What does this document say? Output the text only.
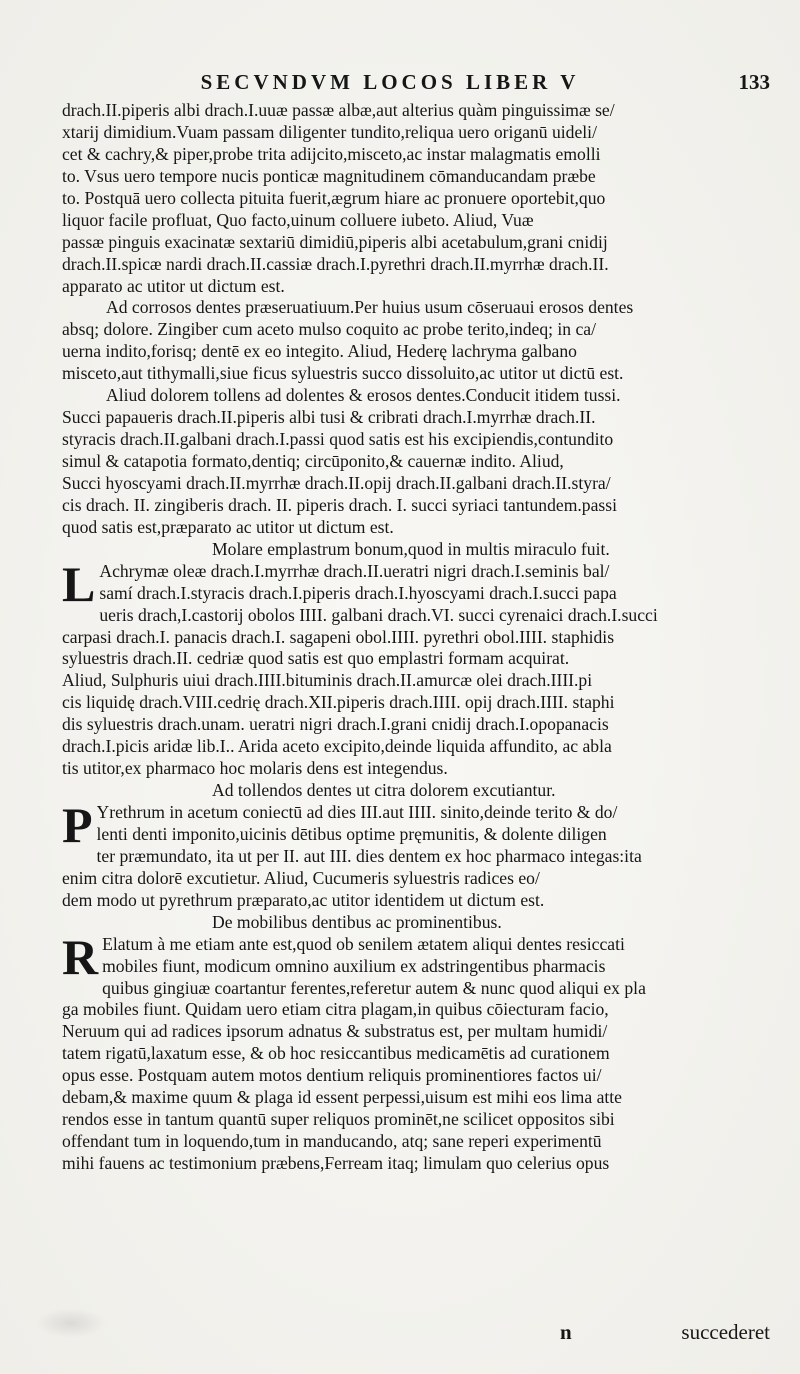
SECVNDVM LOCOS LIBER V	133
drach.II.piperis albi drach.I.uuæ passæ albæ,aut alterius quàm pinguissimæ se/
xtarij dimidium.Vuam passam diligenter tundito,reliqua uero origanū uideli/
cet & cachry,& piper,probe trita adijcito,misceto,ac instar malagmatis emolli
to. Vsus uero tempore nucis ponticæ magnitudinem cōmanducandam præbe
to. Postquā uero collecta pituita fuerit,ægrum hiare ac pronuere oportebit,quo
liquor facile profluat, Quo facto,uinum colluere iubeto. Aliud, Vuæ
passæ pinguis exacinatæ sextariū dimidiū,piperis albi acetabulum,grani cnidij
drach.II.spicæ nardi drach.II.cassiæ drach.I.pyrethri drach.II.myrrhæ drach.II.
apparato ac utitor ut dictum est.
Ad corrosos dentes præseruatiuum.Per huius usum cōseruaui erosos dentes
absq; dolore. Zingiber cum aceto mulso coquito ac probe terito,indeq; in ca/
uerna indito,forisq; dentē ex eo integito. Aliud, Hederę lachryma galbano
misceto,aut tithymalli,siue ficus syluestris succo dissoluito,ac utitor ut dictū est.
Aliud dolorem tollens ad dolentes & erosos dentes.Conducit itidem tussi.
Succi papaueris drach.II.piperis albi tusi & cribrati drach.I.myrrhæ drach.II.
styracis drach.II.galbani drach.I.passi quod satis est his excipiendis,contundito
simul & catapotia formato,dentiq; circūponito,& cauernæ indito. Aliud,
Succi hyoscyami drach.II.myrrhæ drach.II.opij drach.II.galbani drach.II.styra/
cis drach. II. zingiberis drach. II. piperis drach. I. succi syriaci tantundem.passi
quod satis est,præparato ac utitor ut dictum est.
Molare emplastrum bonum,quod in multis miraculo fuit.
L Achrymæ oleæ drach.I.myrrhæ drach.II.ueratri nigri drach.I.seminis bal/
samí drach.I.styracis drach.I.piperis drach.I.hyoscyami drach.I.succi papa
ueris drach,I.castorij obolos IIII. galbani drach.VI. succi cyrenaici drach.I.succi
carpasi drach.I. panacis drach.I. sagapeni obol.IIII. pyrethri obol.IIII. staphidis
syluestris drach.II. cedriæ quod satis est quo emplastri formam acquirat.
Aliud, Sulphuris uiui drach.IIII.bituminis drach.II.amurcæ olei drach.IIII.pi
cis liquidę drach.VIII.cedrię drach.XII.piperis drach.IIII. opij drach.IIII. staphi
dis syluestris drach.unam. ueratri nigri drach.I.grani cnidij drach.I.opopanacis
drach.I.picis aridæ lib.I.. Arida aceto excipito,deinde liquida affundito, ac abla
tis utitor,ex pharmaco hoc molaris dens est integendus.
Ad tollendos dentes ut citra dolorem excutiantur.
P Yrethrum in acetum coniectū ad dies III.aut IIII. sinito,deinde terito & do/
lenti denti imponito,uicinis dētibus optime pręmunitis, & dolente diligen
ter præmundato, ita ut per II. aut III. dies dentem ex hoc pharmaco integas:ita
enim citra dolorē excutietur. Aliud, Cucumeris syluestris radices eo/
dem modo ut pyrethrum præparato,ac utitor identidem ut dictum est.
De mobilibus dentibus ac prominentibus.
R Elatum à me etiam ante est,quod ob senilem ætatem aliqui dentes resiccati
mobiles fiunt, modicum omnino auxilium ex adstringentibus pharmacis
quibus gingiuæ coartantur ferentes,referetur autem & nunc quod aliqui ex pla
ga mobiles fiunt. Quidam uero etiam citra plagam,in quibus cōiecturam facio,
Neruum qui ad radices ipsorum adnatus & substratus est, per multam humidi/
tatem rigatū,laxatum esse, & ob hoc resiccantibus medicamētis ad curationem
opus esse. Postquam autem motos dentium reliquis prominentiores factos ui/
debam,& maxime quum & plaga id essent perpessi,uisum est mihi eos lima atte
rendos esse in tantum quantū super reliquos prominēt,ne scilicet oppositos sibi
offendant tum in loquendo,tum in manducando, atq; sane reperi experimentū
mihi fauens ac testimonium præbens,Ferream itaq; limulam quo celerius opus
n	succederet
